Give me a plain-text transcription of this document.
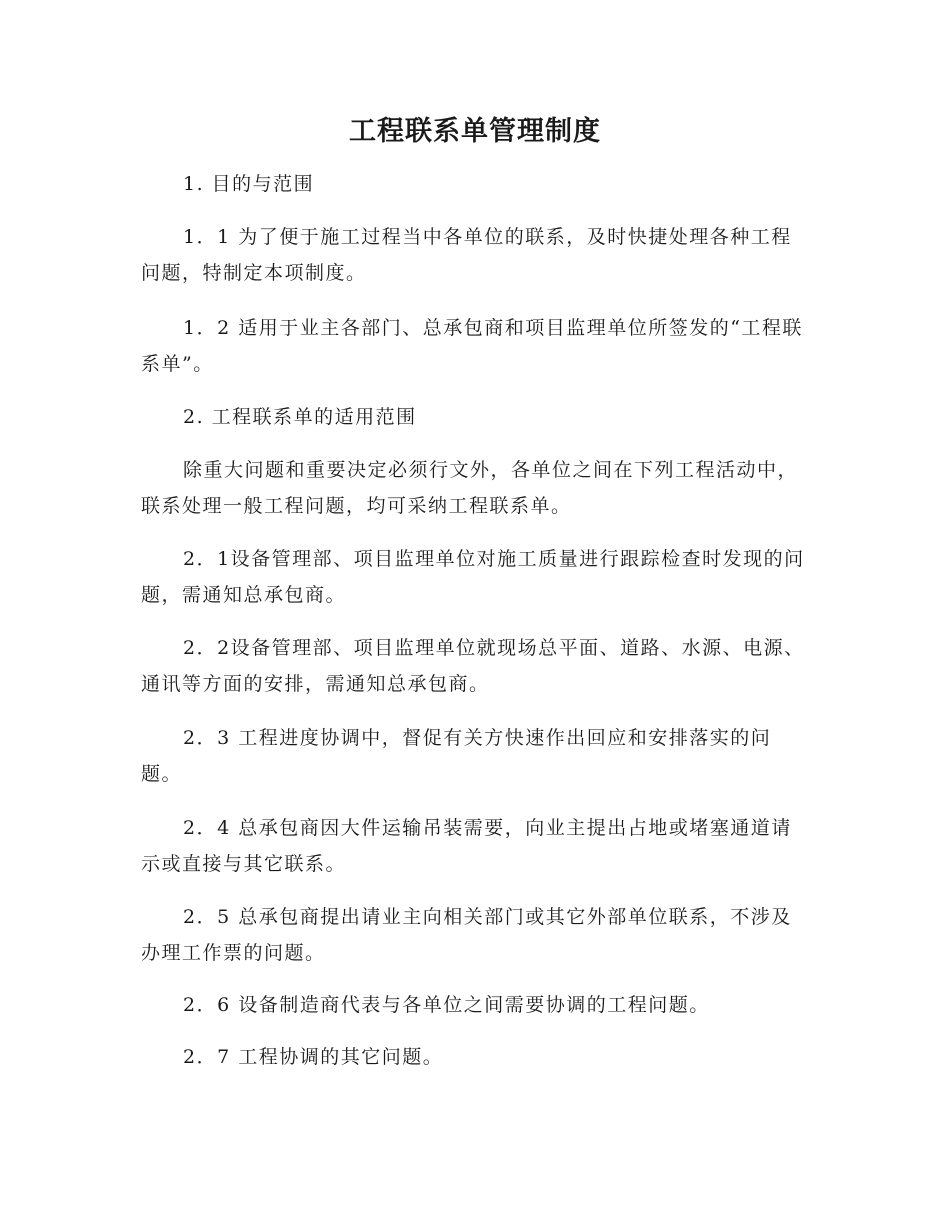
工程联系单管理制度

1. 目的与范围

1．1 为了便于施工过程当中各单位的联系，及时快捷处理各种工程问题，特制定本项制度。

1．2 适用于业主各部门、总承包商和项目监理单位所签发的“工程联系单”。

2. 工程联系单的适用范围

除重大问题和重要决定必须行文外，各单位之间在下列工程活动中，联系处理一般工程问题，均可采纳工程联系单。

2．1设备管理部、项目监理单位对施工质量进行跟踪检查时发现的问题，需通知总承包商。

2．2设备管理部、项目监理单位就现场总平面、道路、水源、电源、通讯等方面的安排，需通知总承包商。

2．3 工程进度协调中，督促有关方快速作出回应和安排落实的问题。

2．4 总承包商因大件运输吊装需要，向业主提出占地或堵塞通道请示或直接与其它联系。

2．5 总承包商提出请业主向相关部门或其它外部单位联系，不涉及办理工作票的问题。

2．6 设备制造商代表与各单位之间需要协调的工程问题。

2．7 工程协调的其它问题。
